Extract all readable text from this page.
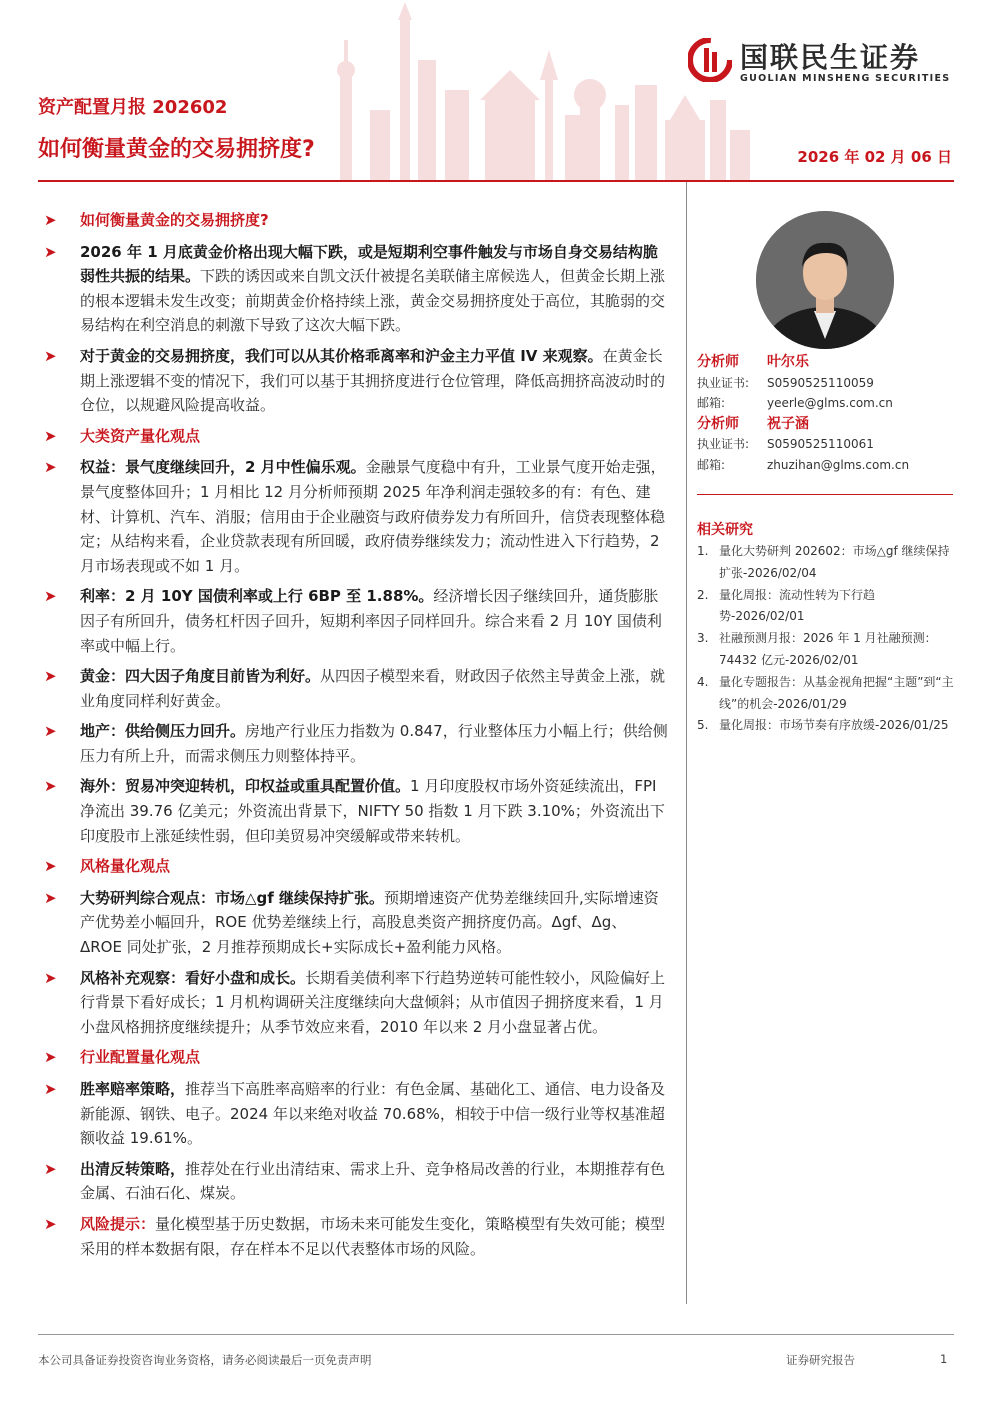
国联民生证券
GUOLIAN MINSHENG SECURITIES
资产配置月报 202602
如何衡量黄金的交易拥挤度?	2026 年 02 月 06 日
➤ 如何衡量黄金的交易拥挤度?
➤ 2026 年 1 月底黄金价格出现大幅下跌，或是短期利空事件触发与市场自身交易结构脆弱性共振的结果。下跌的诱因或来自凯文沃什被提名美联储主席候选人，但黄金长期上涨的根本逻辑未发生改变；前期黄金价格持续上涨，黄金交易拥挤度处于高位，其脆弱的交易结构在利空消息的刺激下导致了这次大幅下跌。
➤ 对于黄金的交易拥挤度，我们可以从其价格乖离率和沪金主力平值 IV 来观察。在黄金长期上涨逻辑不变的情况下，我们可以基于其拥挤度进行仓位管理，降低高拥挤高波动时的仓位，以规避风险提高收益。
➤ 大类资产量化观点
➤ 权益：景气度继续回升，2 月中性偏乐观。金融景气度稳中有升，工业景气度开始走强，景气度整体回升；1 月相比 12 月分析师预期 2025 年净利润走强较多的有：有色、建材、计算机、汽车、消服；信用由于企业融资与政府债券发力有所回升，信贷表现整体稳定；从结构来看，企业贷款表现有所回暖，政府债券继续发力；流动性进入下行趋势，2 月市场表现或不如 1 月。
➤ 利率：2 月 10Y 国债利率或上行 6BP 至 1.88%。经济增长因子继续回升，通货膨胀因子有所回升，债务杠杆因子回升，短期利率因子同样回升。综合来看 2 月 10Y 国债利率或中幅上行。
➤ 黄金：四大因子角度目前皆为利好。从四因子模型来看，财政因子依然主导黄金上涨，就业角度同样利好黄金。
➤ 地产：供给侧压力回升。房地产行业压力指数为 0.847，行业整体压力小幅上行；供给侧压力有所上升，而需求侧压力则整体持平。
➤ 海外：贸易冲突迎转机，印权益或重具配置价值。1 月印度股权市场外资延续流出，FPI 净流出 39.76 亿美元；外资流出背景下，NIFTY 50 指数 1 月下跌 3.10%；外资流出下印度股市上涨延续性弱，但印美贸易冲突缓解或带来转机。
➤ 风格量化观点
➤ 大势研判综合观点：市场△gf 继续保持扩张。预期增速资产优势差继续回升,实际增速资产优势差小幅回升，ROE 优势差继续上行，高股息类资产拥挤度仍高。Δgf、Δg、ΔROE 同处扩张，2 月推荐预期成长+实际成长+盈利能力风格。
➤ 风格补充观察：看好小盘和成长。长期看美债利率下行趋势逆转可能性较小，风险偏好上行背景下看好成长；1 月机构调研关注度继续向大盘倾斜；从市值因子拥挤度来看，1 月小盘风格拥挤度继续提升；从季节效应来看，2010 年以来 2 月小盘显著占优。
➤ 行业配置量化观点
➤ 胜率赔率策略，推荐当下高胜率高赔率的行业：有色金属、基础化工、通信、电力设备及新能源、钢铁、电子。2024 年以来绝对收益 70.68%，相较于中信一级行业等权基准超额收益 19.61%。
➤ 出清反转策略，推荐处在行业出清结束、需求上升、竞争格局改善的行业，本期推荐有色金属、石油石化、煤炭。
➤ 风险提示：量化模型基于历史数据，市场未来可能发生变化，策略模型有失效可能；模型采用的样本数据有限，存在样本不足以代表整体市场的风险。
分析师 叶尔乐
执业证书: S0590525110059
邮箱:	yeerle@glms.com.cn
分析师 祝子涵
执业证书: S0590525110061
邮箱:	zhuzihan@glms.com.cn
相关研究
1. 量化大势研判 202602：市场△gf 继续保持扩张-2026/02/04
2. 量化周报：流动性转为下行趋势-2026/02/01
3. 社融预测月报：2026 年 1 月社融预测：74432 亿元-2026/02/01
4. 量化专题报告：从基金视角把握“主题”到“主线”的机会-2026/01/29
5. 量化周报：市场节奏有序放缓-2026/01/25
本公司具备证券投资咨询业务资格，请务必阅读最后一页免责声明	证券研究报告	1
